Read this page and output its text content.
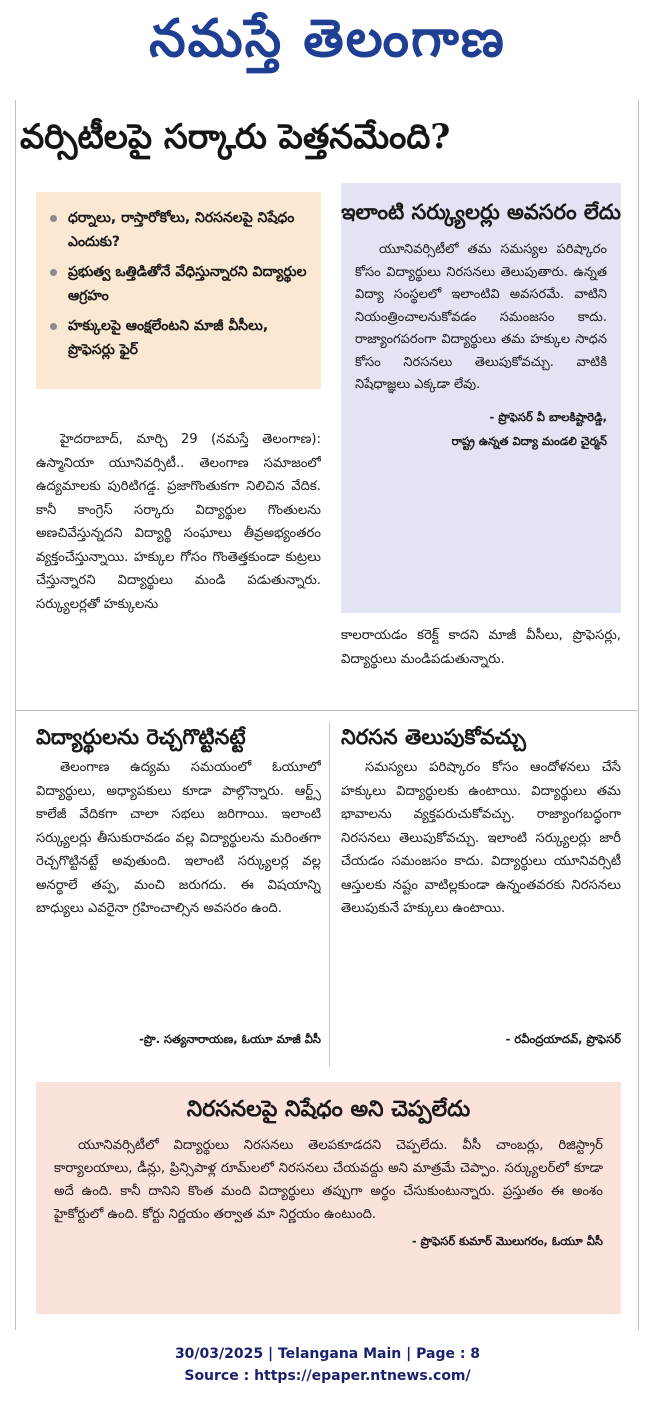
నమస్తే తెలంగాణ
వర్సిటీలపై సర్కారు పెత్తనమేంది?
ధర్నాలు, రాస్తారోకోలు, నిరసనలపై నిషేధం ఎందుకు?
ప్రభుత్వ ఒత్తిడితోనే వేధిస్తున్నారని విద్యార్థుల ఆగ్రహం
హక్కులపై ఆంక్షలేంటని మాజీ వీసీలు, ప్రొఫెసర్లు ఫైర్
ఇలాంటి సర్క్యులర్లు అవసరం లేదు
యూనివర్సిటీలో తమ సమస్యల పరిష్కారం కోసం విద్యార్థులు నిరసనలు తెలుపుతారు. ఉన్నత విద్యా సంస్థలలో ఇలాంటివి అవసరమే. వాటిని నియంత్రించాలనుకోవడం సమంజసం కాదు. రాజ్యాంగపరంగా విద్యార్థులు తమ హక్కుల సాధన కోసం నిరసనలు తెలుపుకోవచ్చు. వాటికి నిషేధాజ్ఞలు ఎక్కడా లేవు.
- ప్రొఫెసర్ వీ బాలకిష్టారెడ్డి,
రాష్ట్ర ఉన్నత విద్యా మండలి చైర్మన్
హైదరాబాద్, మార్చి 29 (నమస్తే తెలంగాణ): ఉస్మానియా యూనివర్సిటీ.. తెలంగాణ సమాజంలో ఉద్యమాలకు పురిటిగడ్డ. ప్రజాగొంతుకగా నిలిచిన వేదిక. కానీ కాంగ్రెస్ సర్కారు విద్యార్థుల గొంతులను అణచివేస్తున్నదని విద్యార్థి సంఘాలు తీవ్రఅభ్యంతరం వ్యక్తంచేస్తున్నాయి. హక్కుల గోసం గొంతెత్తకుండా కుట్రలు చేస్తున్నారని విద్యార్థులు మండి పడుతున్నారు. సర్క్యులర్లతో హక్కులను
కాలరాయడం కరెక్ట్ కాదని మాజీ వీసీలు, ప్రొఫెసర్లు, విద్యార్థులు మండిపడుతున్నారు.
విద్యార్థులను రెచ్చగొట్టినట్టే
తెలంగాణ ఉద్యమ సమయంలో ఓయూలో విద్యార్థులు, అధ్యాపకులు కూడా పాల్గొన్నారు. ఆర్ట్స్ కాలేజీ వేదికగా చాలా సభలు జరిగాయి. ఇలాంటి సర్క్యులర్లు తీసుకురావడం వల్ల విద్యార్థులను మరింతగా రెచ్చగొట్టినట్టే అవుతుంది. ఇలాంటి సర్క్యులర్ల వల్ల అనర్థాలే తప్ప, మంచి జరుగదు. ఈ విషయాన్ని బాధ్యులు ఎవరైనా గ్రహించాల్సిన అవసరం ఉంది.
-ప్రొ. సత్యనారాయణ, ఓయూ మాజీ వీసీ
నిరసన తెలుపుకోవచ్చు
సమస్యలు పరిష్కారం కోసం ఆందోళనలు చేసే హక్కులు విద్యార్థులకు ఉంటాయి. విద్యార్థులు తమ భావాలను వ్యక్తపరుచుకోవచ్చు. రాజ్యాంగబద్ధంగా నిరసనలు తెలుపుకోవచ్చు. ఇలాంటి సర్క్యులర్లు జారీ చేయడం సమంజసం కాదు. విద్యార్థులు యూనివర్సిటీ ఆస్తులకు నష్టం వాటిల్లకుండా ఉన్నంతవరకు నిరసనలు తెలుపుకునే హక్కులు ఉంటాయి.
- రవీంద్రయాదవ్, ప్రొఫెసర్
నిరసనలపై నిషేధం అని చెప్పలేదు
యూనివర్సిటీలో విద్యార్థులు నిరసనలు తెలపకూడదని చెప్పలేదు. వీసీ చాంబర్లు, రిజిస్ట్రార్ కార్యాలయాలు, డీన్లు, ప్రిన్సిపాళ్ల రూమ్‌లలో నిరసనలు చేయవద్దు అని మాత్రమే చెప్పాం. సర్క్యులర్‌లో కూడా అదే ఉంది. కానీ దానిని కొంత మంది విద్యార్థులు తప్పుగా అర్థం చేసుకుంటున్నారు. ప్రస్తుతం ఈ అంశం హైకోర్టులో ఉంది. కోర్టు నిర్ణయం తర్వాత మా నిర్ణయం ఉంటుంది.
- ప్రొఫెసర్ కుమార్ మొలుగరం, ఓయూ వీసీ
30/03/2025 | Telangana Main | Page : 8
Source : https://epaper.ntnews.com/
